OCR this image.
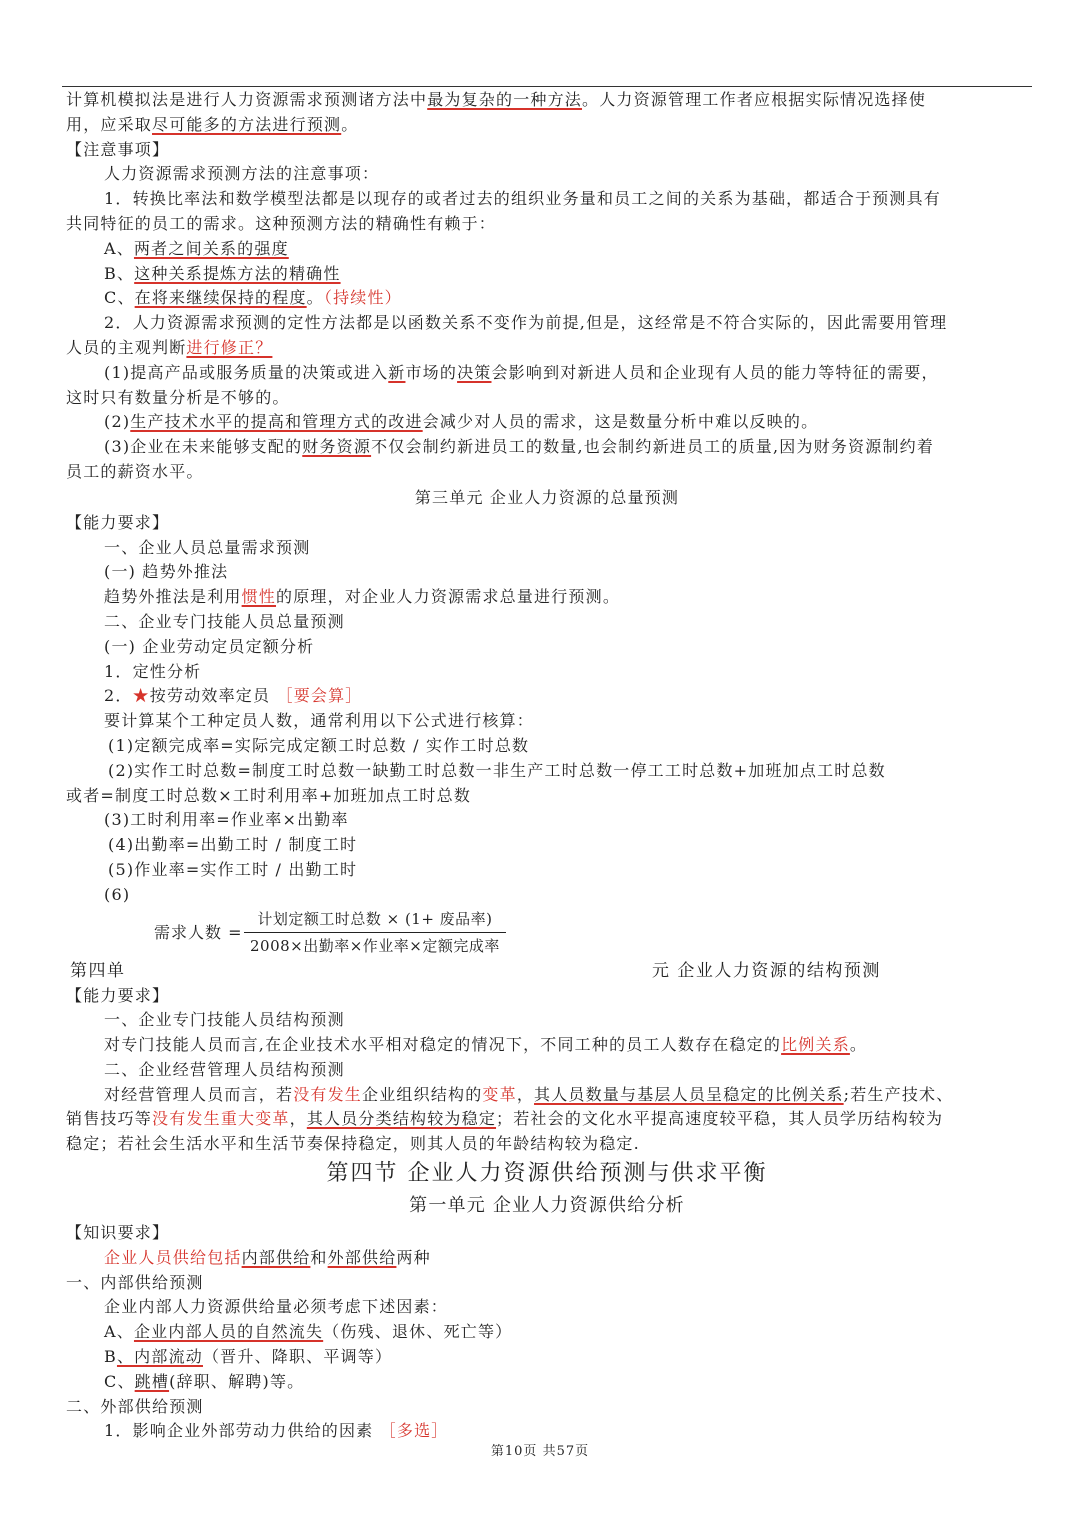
计算机模拟法是进行人力资源需求预测诸方法中最为复杂的一种方法。人力资源管理工作者应根据实际情况选择使
用，应采取尽可能多的方法进行预测。
【注意事项】
人力资源需求预测方法的注意事项：
1．转换比率法和数学模型法都是以现存的或者过去的组织业务量和员工之间的关系为基础，都适合于预测具有
共同特征的员工的需求。这种预测方法的精确性有赖于：
A、两者之间关系的强度
B、这种关系提炼方法的精确性
C、在将来继续保持的程度。（持续性）
2．人力资源需求预测的定性方法都是以函数关系不变作为前提,但是，这经常是不符合实际的，因此需要用管理
人员的主观判断进行修正？
(1)提高产品或服务质量的决策或进入新市场的决策会影响到对新进人员和企业现有人员的能力等特征的需要，
这时只有数量分析是不够的。
(2)生产技术水平的提高和管理方式的改进会减少对人员的需求，这是数量分析中难以反映的。
(3)企业在未来能够支配的财务资源不仅会制约新进员工的数量,也会制约新进员工的质量,因为财务资源制约着
员工的薪资水平。
第三单元 企业人力资源的总量预测
【能力要求】
一、企业人员总量需求预测
(一) 趋势外推法
趋势外推法是利用惯性的原理，对企业人力资源需求总量进行预测。
二、企业专门技能人员总量预测
(一) 企业劳动定员定额分析
1．定性分析
2．★按劳动效率定员 ［要会算］
要计算某个工种定员人数，通常利用以下公式进行核算：
(1)定额完成率=实际完成定额工时总数 / 实作工时总数
(2)实作工时总数=制度工时总数一缺勤工时总数一非生产工时总数一停工工时总数+加班加点工时总数
或者=制度工时总数×工时利用率+加班加点工时总数
(3)工时利用率=作业率×出勤率
(4)出勤率=出勤工时 / 制度工时
(5)作业率=实作工时 / 出勤工时
(6)
需求人数 =
计划定额工时总数 × (1+ 废品率)
2008×出勤率×作业率×定额完成率
第四单	元 企业人力资源的结构预测
【能力要求】
一、企业专门技能人员结构预测
对专门技能人员而言,在企业技术水平相对稳定的情况下，不同工种的员工人数存在稳定的比例关系。
二、企业经营管理人员结构预测
对经营管理人员而言，若没有发生企业组织结构的变革，其人员数量与基层人员呈稳定的比例关系;若生产技术、
销售技巧等没有发生重大变革，其人员分类结构较为稳定；若社会的文化水平提高速度较平稳，其人员学历结构较为
稳定；若社会生活水平和生活节奏保持稳定，则其人员的年龄结构较为稳定.
第四节 企业人力资源供给预测与供求平衡
第一单元 企业人力资源供给分析
【知识要求】
企业人员供给包括内部供给和外部供给两种
一、内部供给预测
企业内部人力资源供给量必须考虑下述因素：
A、企业内部人员的自然流失（伤残、退休、死亡等）
B、内部流动（晋升、降职、平调等）
C、跳槽(辞职、解聘)等。
二、外部供给预测
1．影响企业外部劳动力供给的因素 ［多选］
第10页 共57页
